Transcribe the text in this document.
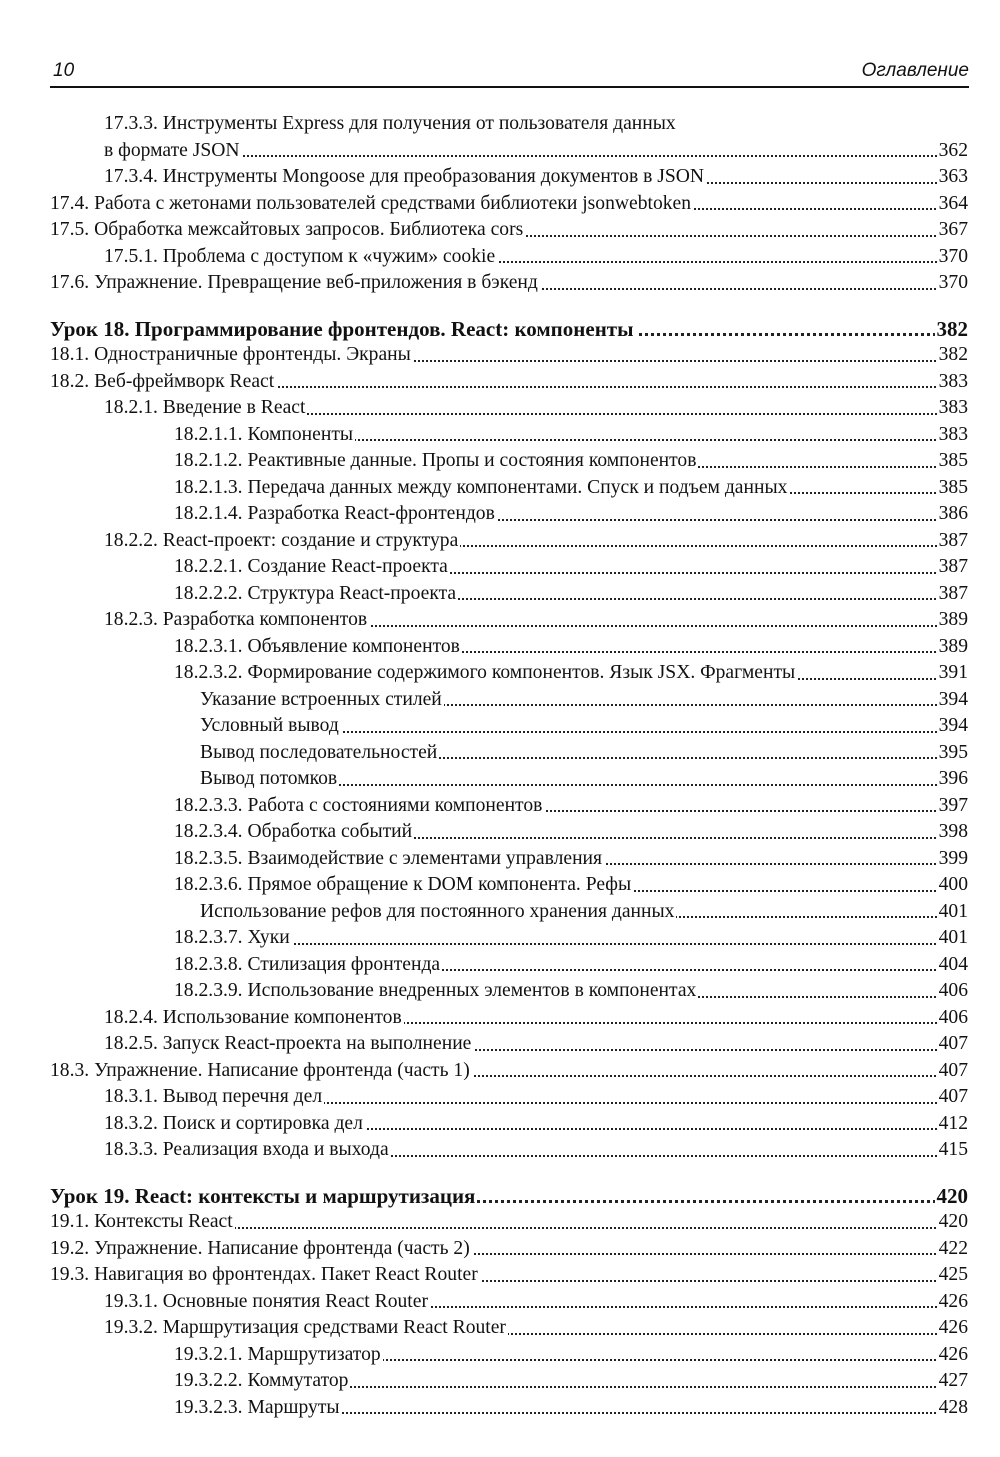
10	Оглавление
17.3.3. Инструменты Express для получения от пользователя данных
в формате JSON	362
17.3.4. Инструменты Mongoose для преобразования документов в JSON	363
17.4. Работа с жетонами пользователей средствами библиотеки jsonwebtoken	364
17.5. Обработка межсайтовых запросов. Библиотека cors	367
17.5.1. Проблема с доступом к «чужим» cookie	370
17.6. Упражнение. Превращение веб-приложения в бэкенд	370
Урок 18. Программирование фронтендов. React: компоненты	382
18.1. Одностраничные фронтенды. Экраны	382
18.2. Веб-фреймворк React	383
18.2.1. Введение в React	383
18.2.1.1. Компоненты	383
18.2.1.2. Реактивные данные. Пропы и состояния компонентов	385
18.2.1.3. Передача данных между компонентами. Спуск и подъем данных	385
18.2.1.4. Разработка React-фронтендов	386
18.2.2. React-проект: создание и структура	387
18.2.2.1. Создание React-проекта	387
18.2.2.2. Структура React-проекта	387
18.2.3. Разработка компонентов	389
18.2.3.1. Объявление компонентов	389
18.2.3.2. Формирование содержимого компонентов. Язык JSX. Фрагменты	391
Указание встроенных стилей	394
Условный вывод	394
Вывод последовательностей	395
Вывод потомков	396
18.2.3.3. Работа с состояниями компонентов	397
18.2.3.4. Обработка событий	398
18.2.3.5. Взаимодействие с элементами управления	399
18.2.3.6. Прямое обращение к DOM компонента. Рефы	400
Использование рефов для постоянного хранения данных	401
18.2.3.7. Хуки	401
18.2.3.8. Стилизация фронтенда	404
18.2.3.9. Использование внедренных элементов в компонентах	406
18.2.4. Использование компонентов	406
18.2.5. Запуск React-проекта на выполнение	407
18.3. Упражнение. Написание фронтенда (часть 1)	407
18.3.1. Вывод перечня дел	407
18.3.2. Поиск и сортировка дел	412
18.3.3. Реализация входа и выхода	415
Урок 19. React: контексты и маршрутизация	420
19.1. Контексты React	420
19.2. Упражнение. Написание фронтенда (часть 2)	422
19.3. Навигация во фронтендах. Пакет React Router	425
19.3.1. Основные понятия React Router	426
19.3.2. Маршрутизация средствами React Router	426
19.3.2.1. Маршрутизатор	426
19.3.2.2. Коммутатор	427
19.3.2.3. Маршруты	428
